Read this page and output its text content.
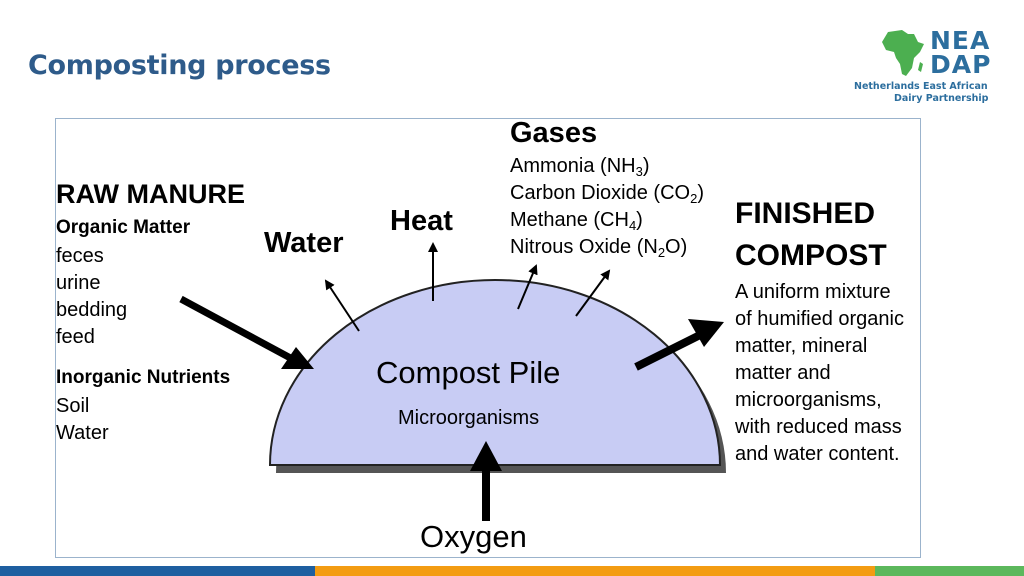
Composting process
NEA
DAP
Netherlands East African
Dairy Partnership
RAW MANURE
Organic Matter
feces
urine
bedding
feed
Inorganic Nutrients
Soil
Water
Water
Heat
Gases
Ammonia $(NH_3)$
Carbon Dioxide $(CO_2)$
Methane $(CH_4)$
Nitrous Oxide $(N_2O)$
Compost Pile
Microorganisms
Oxygen
FINISHED
COMPOST
A uniform mixture
of humified organic
matter, mineral
matter and
microorganisms,
with reduced mass
and water content.
